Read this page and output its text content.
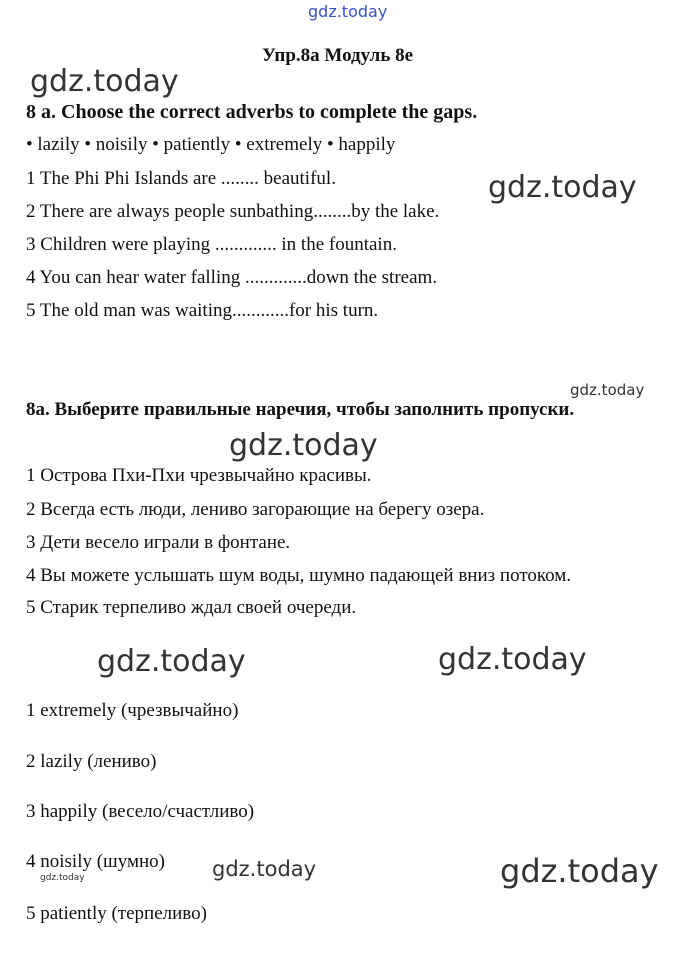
gdz.today
gdz.today
gdz.today
gdz.today
gdz.today
gdz.today	gdz.today
gdz.today	gdz.today	gdz.today
Упр.8а Модуль 8е
8 a. Choose the correct adverbs to complete the gaps.
• lazily • noisily • patiently • extremely • happily
1 The Phi Phi Islands are ........ beautiful.
2 There are always people sunbathing........by the lake.
3 Children were playing ............. in the fountain.
4 You can hear water falling .............down the stream.
5 The old man was waiting............for his turn.
8а. Выберите правильные наречия, чтобы заполнить пропуски.
1 Острова Пхи-Пхи чрезвычайно красивы.
2 Всегда есть люди, лениво загорающие на берегу озера.
3 Дети весело играли в фонтане.
4 Вы можете услышать шум воды, шумно падающей вниз потоком.
5 Старик терпеливо ждал своей очереди.
1 extremely (чрезвычайно)
2 lazily (лениво)
3 happily (весело/счастливо)
4 noisily (шумно)
5 patiently (терпеливо)
